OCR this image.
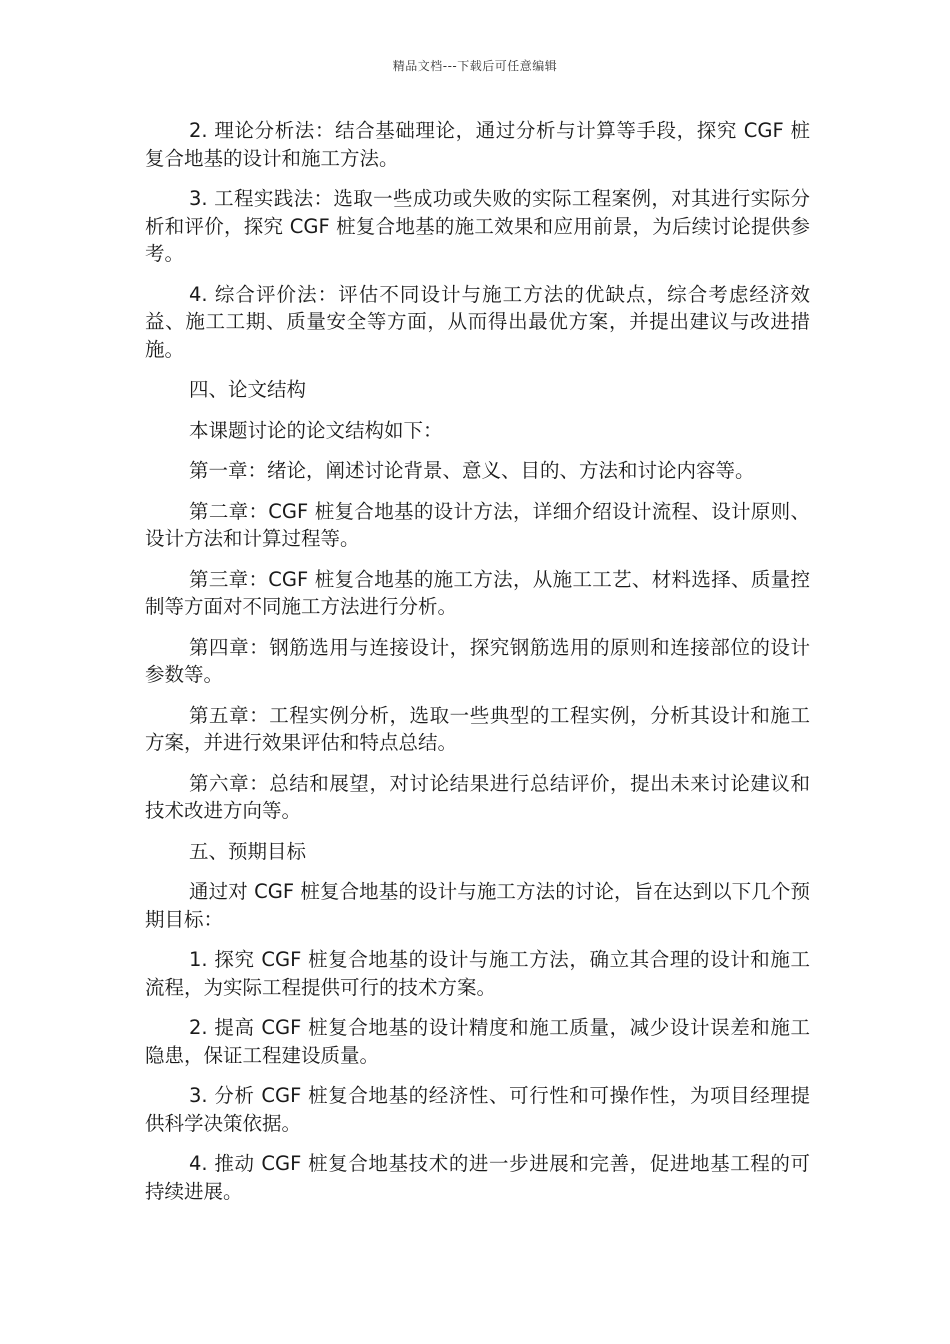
精品文档---下载后可任意编辑

2. 理论分析法：结合基础理论，通过分析与计算等手段，探究 CGF 桩复合地基的设计和施工方法。

3. 工程实践法：选取一些成功或失败的实际工程案例，对其进行实际分析和评价，探究 CGF 桩复合地基的施工效果和应用前景，为后续讨论提供参考。

4. 综合评价法：评估不同设计与施工方法的优缺点，综合考虑经济效益、施工工期、质量安全等方面，从而得出最优方案，并提出建议与改进措施。

四、论文结构

本课题讨论的论文结构如下：

第一章：绪论，阐述讨论背景、意义、目的、方法和讨论内容等。

第二章：CGF 桩复合地基的设计方法，详细介绍设计流程、设计原则、设计方法和计算过程等。

第三章：CGF 桩复合地基的施工方法，从施工工艺、材料选择、质量控制等方面对不同施工方法进行分析。

第四章：钢筋选用与连接设计，探究钢筋选用的原则和连接部位的设计参数等。

第五章：工程实例分析，选取一些典型的工程实例，分析其设计和施工方案，并进行效果评估和特点总结。

第六章：总结和展望，对讨论结果进行总结评价，提出未来讨论建议和技术改进方向等。

五、预期目标

通过对 CGF 桩复合地基的设计与施工方法的讨论，旨在达到以下几个预期目标：

1. 探究 CGF 桩复合地基的设计与施工方法，确立其合理的设计和施工流程，为实际工程提供可行的技术方案。

2. 提高 CGF 桩复合地基的设计精度和施工质量，减少设计误差和施工隐患，保证工程建设质量。

3. 分析 CGF 桩复合地基的经济性、可行性和可操作性，为项目经理提供科学决策依据。

4. 推动 CGF 桩复合地基技术的进一步进展和完善，促进地基工程的可持续进展。
